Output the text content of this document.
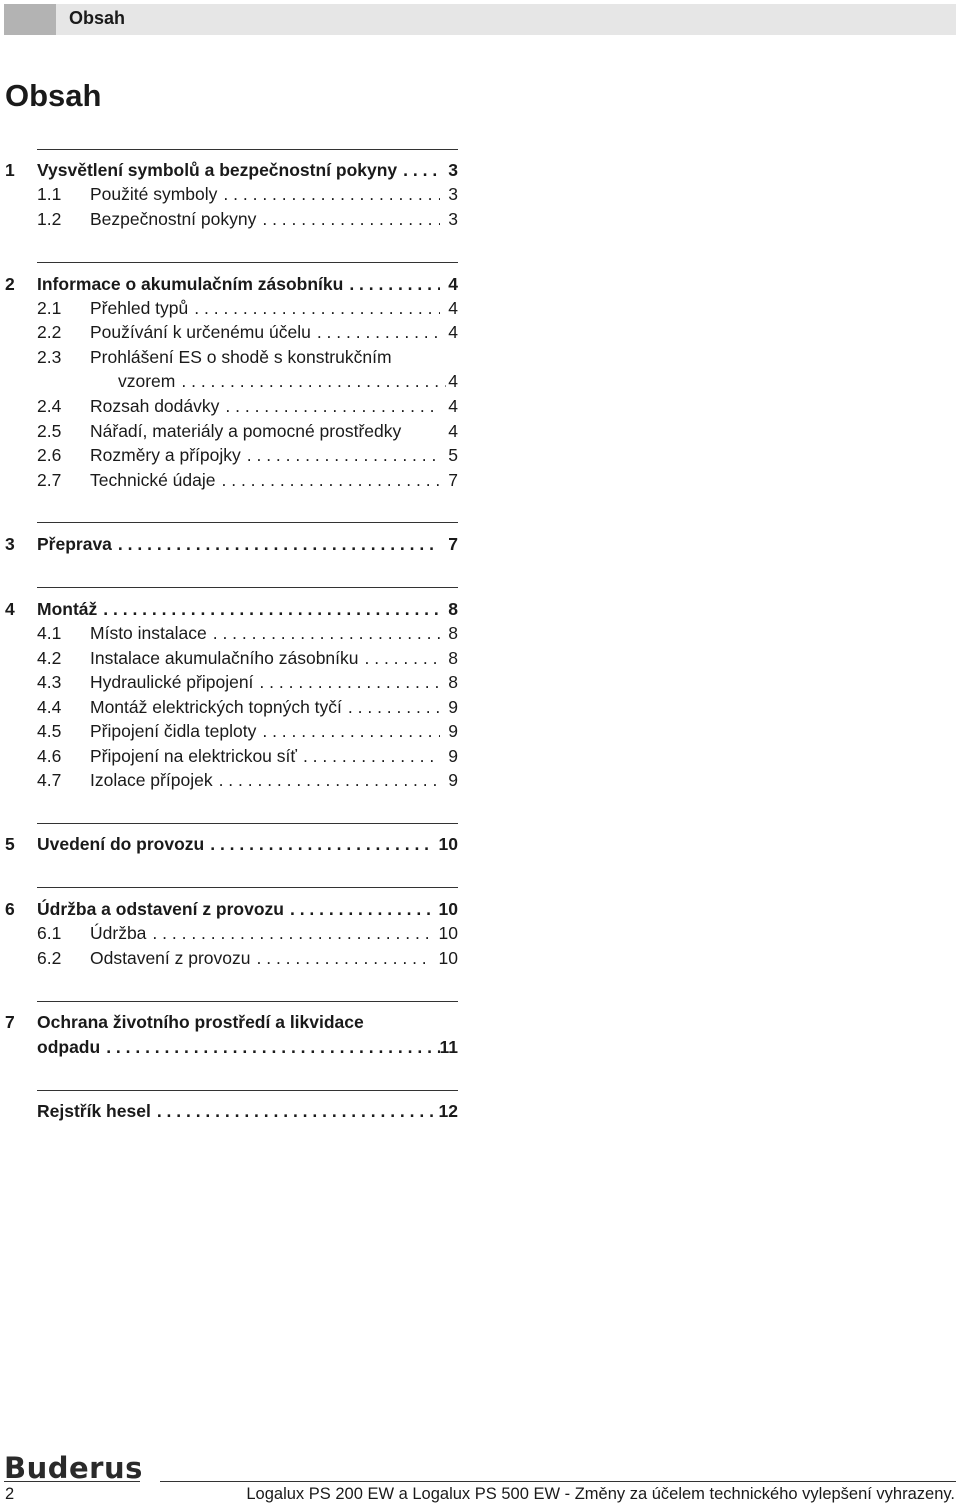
Obsah
Obsah
1	Vysvětlení symbolů a bezpečnostní pokyny . . .	3
1.1	Použité symboly . . .	3
1.2	Bezpečnostní pokyny . . .	3
2	Informace o akumulačním zásobníku . . .	4
2.1	Přehled typů . . .	4
2.2	Používání k určenému účelu . . .	4
2.3	Prohlášení ES o shodě s konstrukčním
vzorem . . .	4
2.4	Rozsah dodávky . . .	4
2.5	Nářadí, materiály a pomocné prostředky	4
2.6	Rozměry a přípojky . . .	5
2.7	Technické údaje . . .	7
3	Přeprava . . .	7
4	Montáž . . .	8
4.1	Místo instalace . . .	8
4.2	Instalace akumulačního zásobníku . . .	8
4.3	Hydraulické připojení . . .	8
4.4	Montáž elektrických topných tyčí . . .	9
4.5	Připojení čidla teploty . . .	9
4.6	Připojení na elektrickou síť . . .	9
4.7	Izolace přípojek . . .	9
5	Uvedení do provozu . . .	10
6	Údržba a odstavení z provozu . . .	10
6.1	Údržba . . .	10
6.2	Odstavení z provozu . . .	10
7	Ochrana životního prostředí a likvidace
odpadu . . .	11
Rejstřík hesel . . .	12
Buderus
2	Logalux PS 200 EW a Logalux PS 500 EW - Změny za účelem technického vylepšení vyhrazeny.
